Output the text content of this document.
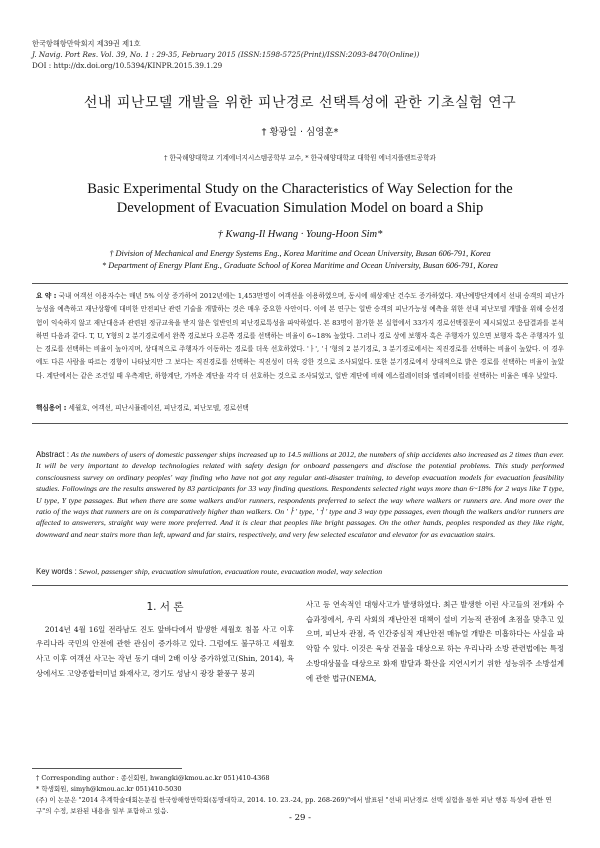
한국항해항만학회지 제39권 제1호
J. Navig. Port Res. Vol. 39, No. 1 : 29-35, February 2015 (ISSN:1598-5725(Print)/ISSN:2093-8470(Online))
DOI : http://dx.doi.org/10.5394/KINPR.2015.39.1.29
선내 피난모델 개발을 위한 피난경로 선택특성에 관한 기초실험 연구
† 황광일 · 심영훈*
† 한국해양대학교 기계에너지시스템공학부 교수, * 한국해양대학교 대학원 에너지플랜트공학과
Basic Experimental Study on the Characteristics of Way Selection for the
Development of Evacuation Simulation Model on board a Ship
† Kwang-Il Hwang · Young-Hoon Sim*
† Division of Mechanical and Energy Systems Eng., Korea Maritime and Ocean University, Busan 606-791, Korea
* Department of Energy Plant Eng., Graduate School of Korea Maritime and Ocean University, Busan 606-791, Korea
요 약 : 국내 여객선 이용자수는 매년 5% 이상 증가하여 2012년에는 1,453만명이 여객선을 이용하였으며, 동시에 해상재난 건수도 증가하였다. 재난예방단계에서 선내 승객의 피난가능성을 예측하고 재난상황에 대비한 안전피난 관련 기술을 개발하는 것은 매우 중요한 사안이다. 이에 본 연구는 일반 승객의 피난가능성 예측을 위한 선내 피난모델 개발을 위해 승선경험이 익숙하지 않고 재난대응과 관련된 정규교육을 받지 않은 일반인의 피난경로특성을 파악하였다. 본 83명이 참가한 본 실험에서 33가지 경로선택질문이 제시되었고 응답결과를 분석하면 다음과 같다. T, U, Y형의 2 분기경로에서 완쪽 경로보다 오른쪽 경로를 선택하는 비율이 6~18% 높았다. 그러나 경로 상에 보행자 혹은 주행자가 있으면 보행자 혹은 주행자가 있는 경로를 선택하는 비율이 높아지며, 상대적으로 주행자가 이동하는 경로를 더욱 선호하였다. 'ㅏ', 'ㅓ'형의 2 분기경로, 3 분기경로에서는 직진경로를 선택하는 비율이 높았다. 이 경우에도 다른 사람을 따르는 경향이 나타났지만 그 보다는 직진경로를 선택하는 직진성이 더욱 강한 것으로 조사되었다. 또한 분기경로에서 상대적으로 밝은 경로를 선택하는 비율이 높았다. 계단에서는 같은 조건일 때 우측계단, 하향계단, 가까운 계단을 각각 더 선호하는 것으로 조사되었고, 일반 계단에 비해 에스컬레이터와 엘리베이터를 선택하는 비율은 매우 낮았다.
핵심용어 : 세월호, 여객선, 피난시뮬레이션, 피난경로, 피난모델, 경로선택
Abstract : As the numbers of users of domestic passenger ships increased up to 14.5 millions at 2012, the numbers of ship accidents also increased as 2 times than ever. It will be very important to develop technologies related with safety design for onboard passengers and disclose the potential problems. This study performed consciousness survey on ordinary peoples' way finding who have not got any regular anti-disaster training, to develop evacuation models for evacuation feasibility studies. Followings are the results answered by 83 participants for 33 way finding questions. Respondents selected right ways more than 6~18% for 2 ways like T type, U type, Y type passages. But when there are some walkers and/or runners, respondents preferred to select the way where walkers or runners are. And more over the ratio of the ways that runners are on is comparatively higher than walkers. On 'ㅏ' type, 'ㅓ' type and 3 way type passages, even though the walkers and/or runners are affected to answerers, straight way were more preferred. And it is clear that peoples like bright passages. On the other hands, peoples responded as they like right, downward and near stairs more than left, upward and far stairs, respectively, and very few selected escalator and elevator for as evacuation stairs.
Key words : Sewol, passenger ship, evacuation simulation, evacuation route, evacuation model, way selection
1. 서 론
2014년 4월 16일 전라남도 진도 앞바다에서 발생한 세월호 침몰 사고 이후 우리나라 국민의 안전에 관한 관심이 증가하고 있다. 그럼에도 불구하고 세월호 사고 이후 여객선 사고는 작년 동기 대비 2배 이상 증가하였고(Shin, 2014), 육상에서도 고양종합터미널 화재사고, 경기도 성남시 광장 환풍구 붕괴
사고 등 연속적인 대형사고가 발생하였다. 최근 발생한 이런 사고들의 전개와 수습과정에서, 우리 사회의 재난안전 대책이 설비 기능적 관점에 초점을 맞추고 있으며, 피난자 관점, 즉 인간중심적 재난안전 매뉴얼 개발은 미흡하다는 사실을 파악할 수 있다. 이것은 육상 건물을 대상으로 하는 우리나라 소방 관련법에는 특정소방대상물을 대상으로 화재 발달과 확산을 지연시키기 위한 성능위주 소방설계에 관한 법규(NEMA,
† Corresponding author : 종신회원, hwangki@kmou.ac.kr 051)410-4368
* 학생회원, simyh@kmou.ac.kr 051)410-5030
(주) 이 논문은 "2014 추계학술대회논문집 한국항해항만학회(동명대학교, 2014. 10. 23.-24, pp. 268-269)"에서 발표된 "선내 피난경로 선택 실험을 통한 피난 행동 특성에 관한 연구"의 수정, 보완된 내용을 일부 포함하고 있음.
- 29 -
